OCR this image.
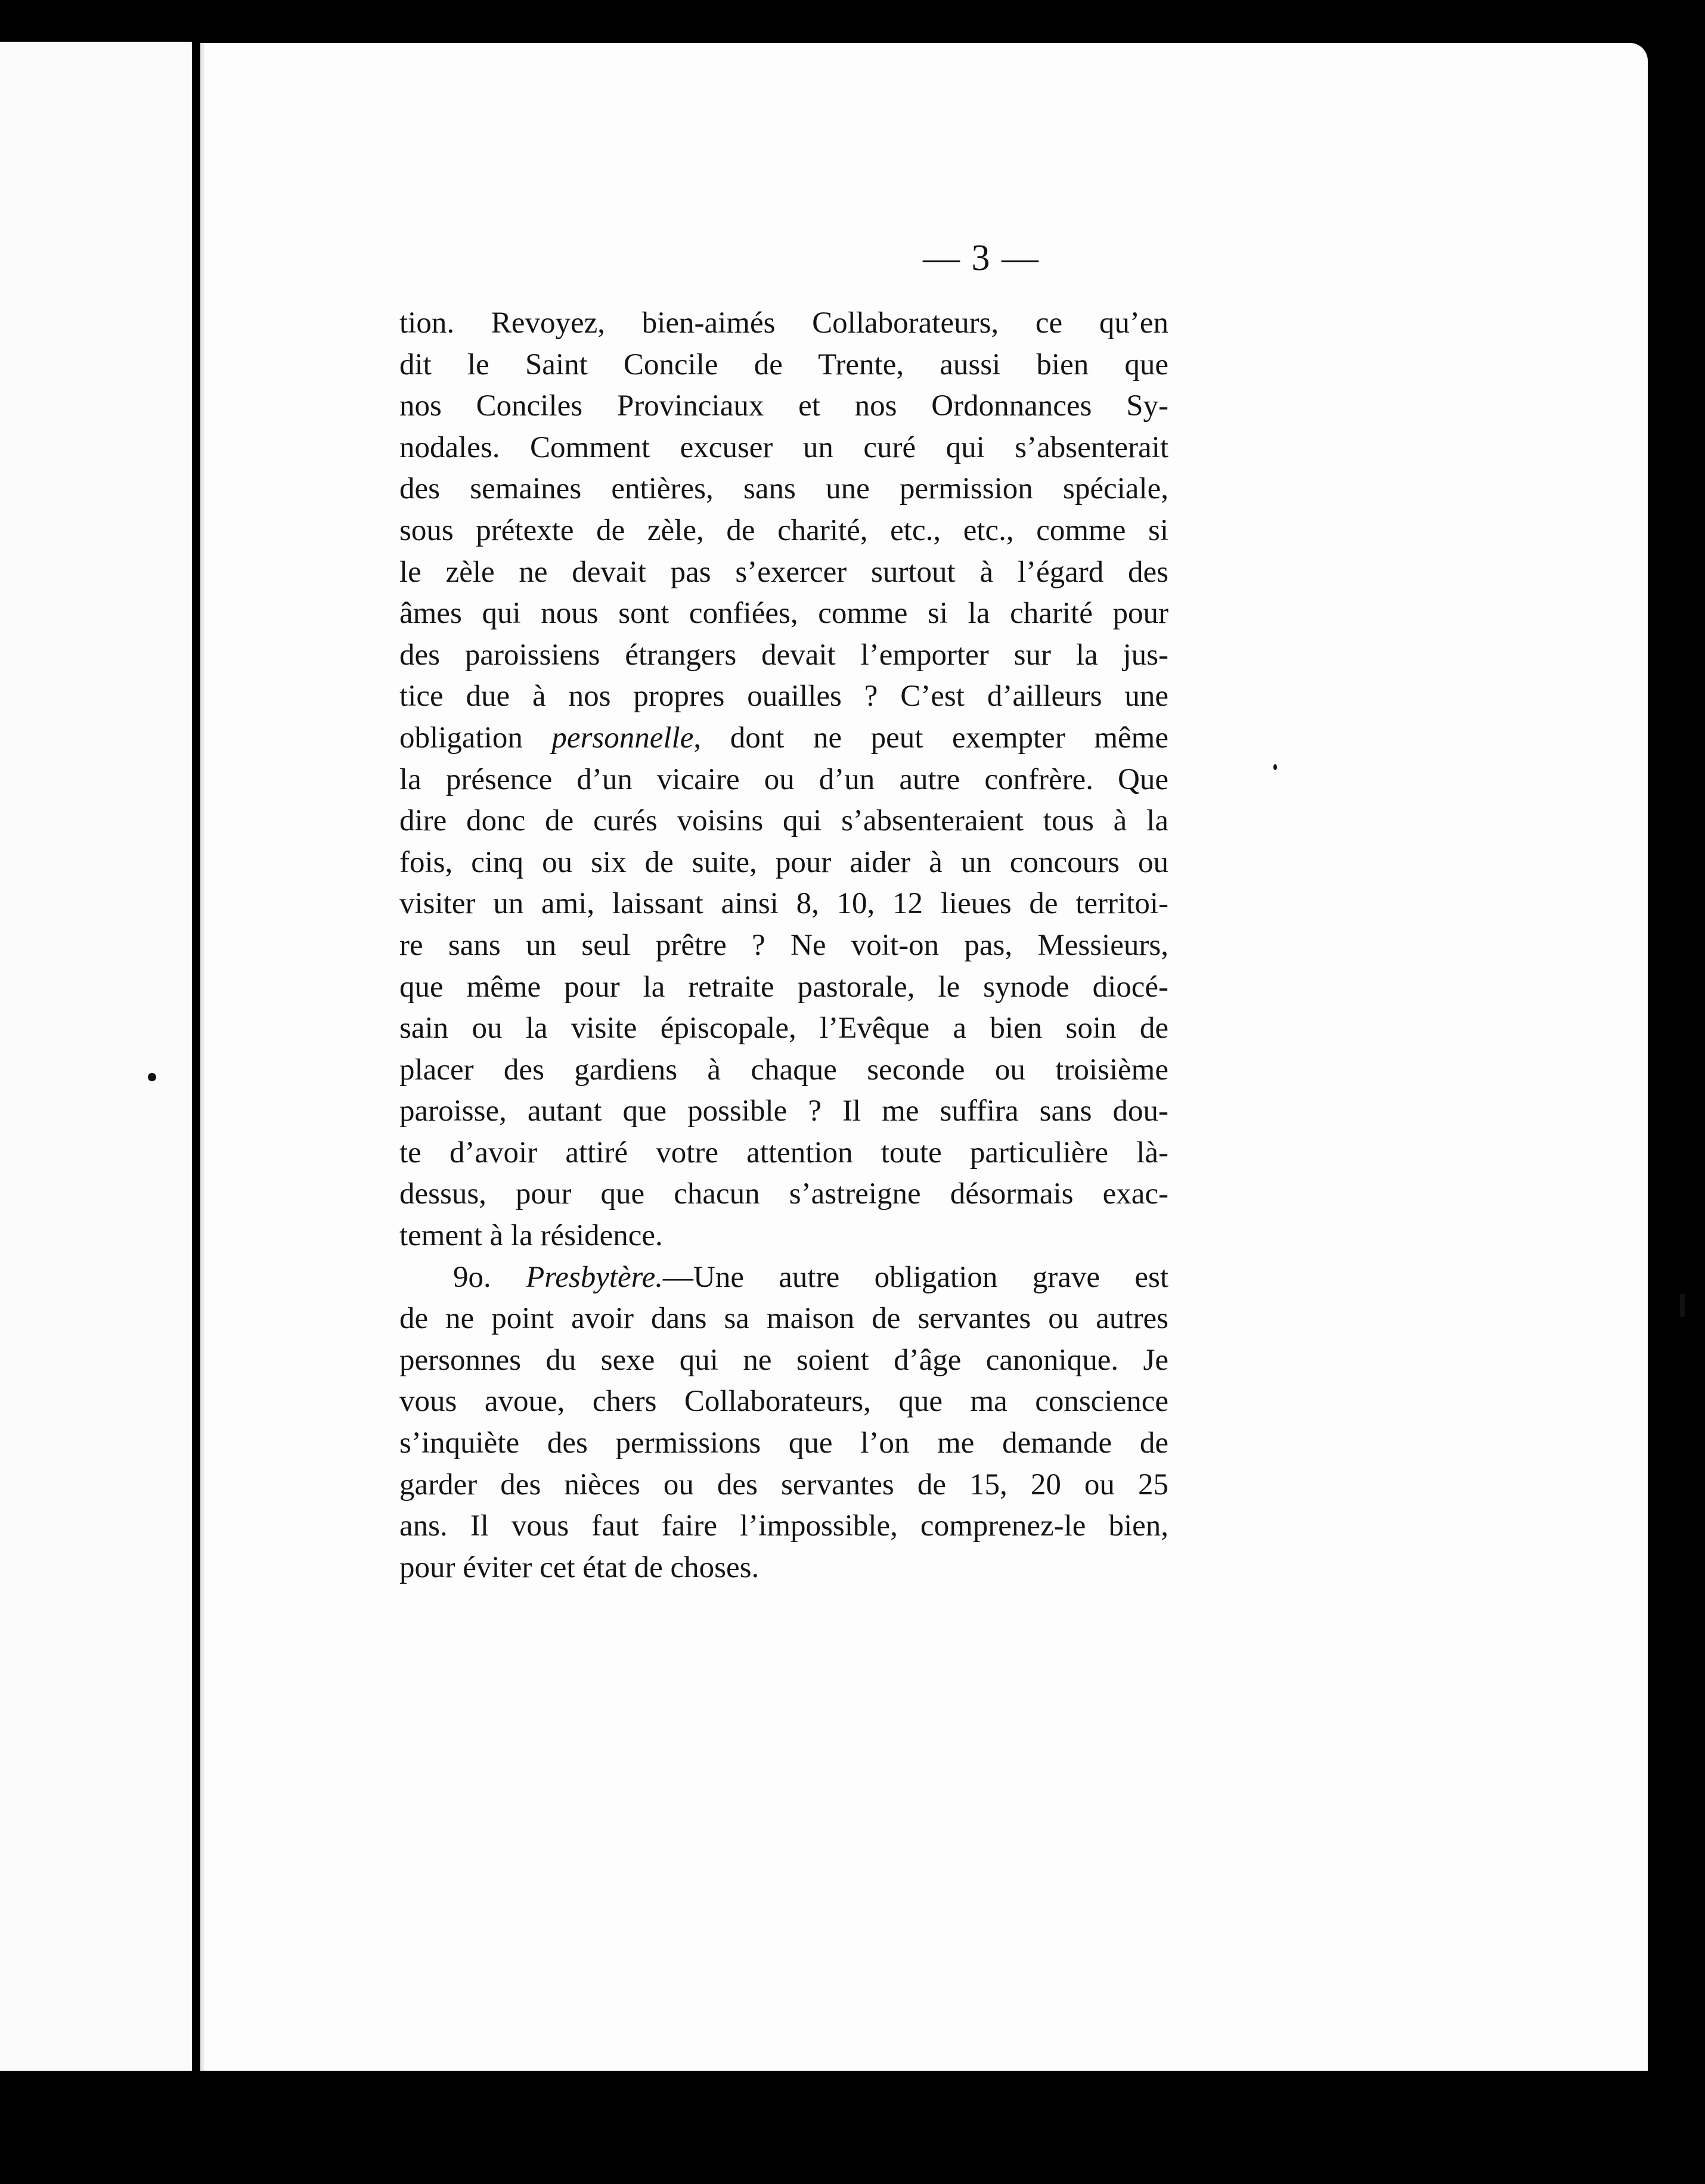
— 3 —
tion. Revoyez, bien-aimés Collaborateurs, ce qu’en
dit le Saint Concile de Trente, aussi bien que
nos Conciles Provinciaux et nos Ordonnances Sy-
nodales. Comment excuser un curé qui s’absenterait
des semaines entières, sans une permission spéciale,
sous prétexte de zèle, de charité, etc., etc., comme si
le zèle ne devait pas s’exercer surtout à l’égard des
âmes qui nous sont confiées, comme si la charité pour
des paroissiens étrangers devait l’emporter sur la jus-
tice due à nos propres ouailles ? C’est d’ailleurs une
obligation personnelle, dont ne peut exempter même
la présence d’un vicaire ou d’un autre confrère. Que
dire donc de curés voisins qui s’absenteraient tous à la
fois, cinq ou six de suite, pour aider à un concours ou
visiter un ami, laissant ainsi 8, 10, 12 lieues de territoi-
re sans un seul prêtre ? Ne voit-on pas, Messieurs,
que même pour la retraite pastorale, le synode diocé-
sain ou la visite épiscopale, l’Evêque a bien soin de
placer des gardiens à chaque seconde ou troisième
paroisse, autant que possible ? Il me suffira sans dou-
te d’avoir attiré votre attention toute particulière là-
dessus, pour que chacun s’astreigne désormais exac-
tement à la résidence.
9o. Presbytère.—Une autre obligation grave est
de ne point avoir dans sa maison de servantes ou autres
personnes du sexe qui ne soient d’âge canonique. Je
vous avoue, chers Collaborateurs, que ma conscience
s’inquiète des permissions que l’on me demande de
garder des nièces ou des servantes de 15, 20 ou 25
ans. Il vous faut faire l’impossible, comprenez-le bien,
pour éviter cet état de choses.
